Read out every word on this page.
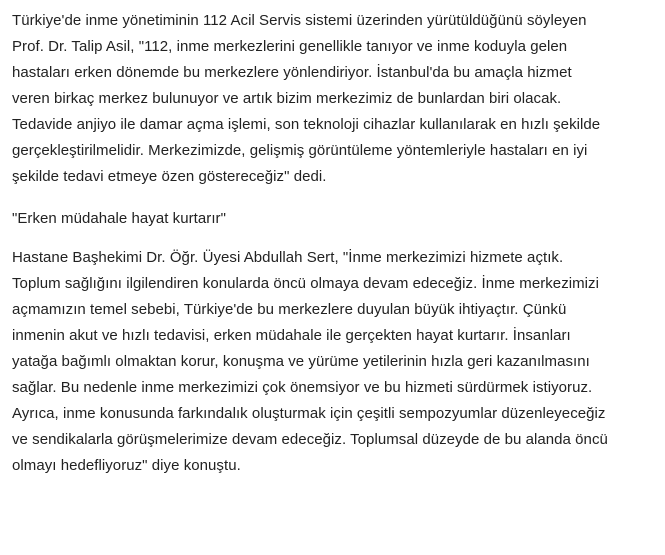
Türkiye'de inme yönetiminin 112 Acil Servis sistemi üzerinden yürütüldüğünü söyleyen
Prof. Dr. Talip Asil, "112, inme merkezlerini genellikle tanıyor ve inme koduyla gelen
hastaları erken dönemde bu merkezlere yönlendiriyor. İstanbul'da bu amaçla hizmet
veren birkaç merkez bulunuyor ve artık bizim merkezimiz de bunlardan biri olacak.
Tedavide anjiyo ile damar açma işlemi, son teknoloji cihazlar kullanılarak en hızlı şekilde
gerçekleştirilmelidir. Merkezimizde, gelişmiş görüntüleme yöntemleriyle hastaları en iyi
şekilde tedavi etmeye özen göstereceğiz" dedi.

"Erken müdahale hayat kurtarır"

Hastane Başhekimi Dr. Öğr. Üyesi Abdullah Sert, "İnme merkezimizi hizmete açtık.
Toplum sağlığını ilgilendiren konularda öncü olmaya devam edeceğiz. İnme merkezimizi
açmamızın temel sebebi, Türkiye'de bu merkezlere duyulan büyük ihtiyaçtır. Çünkü
inmenin akut ve hızlı tedavisi, erken müdahale ile gerçekten hayat kurtarır. İnsanları
yatağa bağımlı olmaktan korur, konuşma ve yürüme yetilerinin hızla geri kazanılmasını
sağlar. Bu nedenle inme merkezimizi çok önemsiyor ve bu hizmeti sürdürmek istiyoruz.
Ayrıca, inme konusunda farkındalık oluşturmak için çeşitli sempozyumlar düzenleyeceğiz
ve sendikalarla görüşmelerimize devam edeceğiz. Toplumsal düzeyde de bu alanda öncü
olmayı hedefliyoruz" diye konuştu.
